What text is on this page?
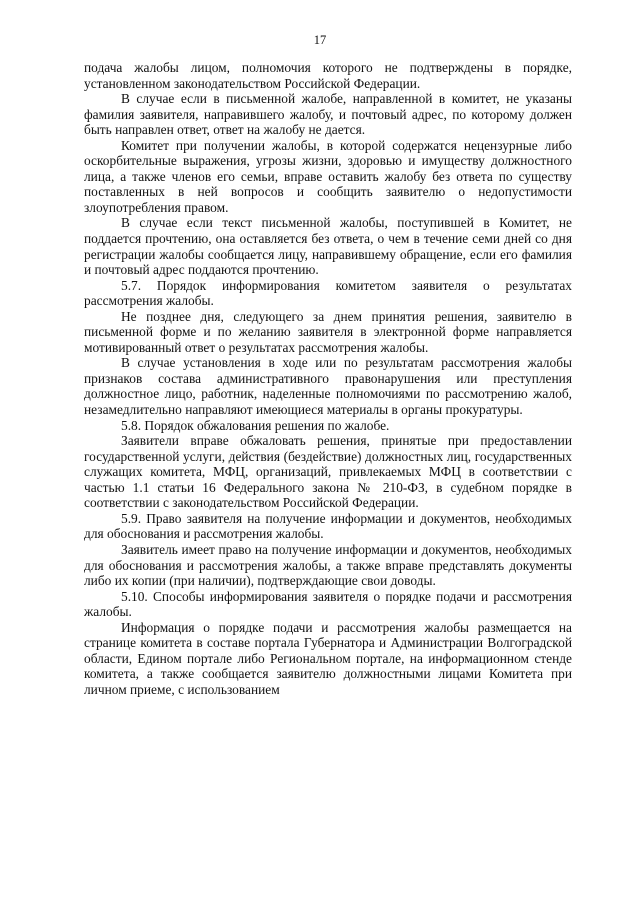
17

подача жалобы лицом, полномочия которого не подтверждены в порядке, установленном законодательством Российской Федерации.

В случае если в письменной жалобе, направленной в комитет, не указаны фамилия заявителя, направившего жалобу, и почтовый адрес, по которому должен быть направлен ответ, ответ на жалобу не дается.

Комитет при получении жалобы, в которой содержатся нецензурные либо оскорбительные выражения, угрозы жизни, здоровью и имуществу должностного лица, а также членов его семьи, вправе оставить жалобу без ответа по существу поставленных в ней вопросов и сообщить заявителю о недопустимости злоупотребления правом.

В случае если текст письменной жалобы, поступившей в Комитет, не поддается прочтению, она оставляется без ответа, о чем в течение семи дней со дня регистрации жалобы сообщается лицу, направившему обращение, если его фамилия и почтовый адрес поддаются прочтению.

5.7. Порядок информирования комитетом заявителя о результатах рассмотрения жалобы.

Не позднее дня, следующего за днем принятия решения, заявителю в письменной форме и по желанию заявителя в электронной форме направляется мотивированный ответ о результатах рассмотрения жалобы.

В случае установления в ходе или по результатам рассмотрения жалобы признаков состава административного правонарушения или преступления должностное лицо, работник, наделенные полномочиями по рассмотрению жалоб, незамедлительно направляют имеющиеся материалы в органы прокуратуры.

5.8. Порядок обжалования решения по жалобе.

Заявители вправе обжаловать решения, принятые при предоставлении государственной услуги, действия (бездействие) должностных лиц, государственных служащих комитета, МФЦ, организаций, привлекаемых МФЦ в соответствии с частью 1.1 статьи 16 Федерального закона № 210-ФЗ, в судебном порядке в соответствии с законодательством Российской Федерации.

5.9. Право заявителя на получение информации и документов, необходимых для обоснования и рассмотрения жалобы.

Заявитель имеет право на получение информации и документов, необходимых для обоснования и рассмотрения жалобы, а также вправе представлять документы либо их копии (при наличии), подтверждающие свои доводы.

5.10. Способы информирования заявителя о порядке подачи и рассмотрения жалобы.

Информация о порядке подачи и рассмотрения жалобы размещается на странице комитета в составе портала Губернатора и Администрации Волгоградской области, Едином портале либо Региональном портале, на информационном стенде комитета, а также сообщается заявителю должностными лицами Комитета при личном приеме, с использованием
